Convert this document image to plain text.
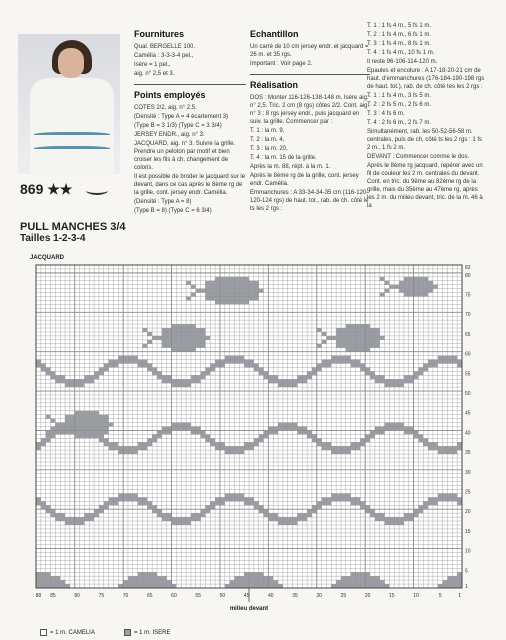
869 ★★
PULL MANCHES 3/4
Tailles 1-2-3-4
Fournitures

Qual. BERGELLE 100.

Camélia : 3-3-3-4 pel.,

Isère = 1 pel.,

aig. n° 2,5 et 3.

Points employés

COTES 2/2, aig. n° 2,5.

(Densité : Type A = 4 écartement 3)

(Type B = 3 1/3) (Type C = 3 3/4)

JERSEY ENDR., aig. n° 3.

JACQUARD, aig. n° 3. Suivre la grille. Prendre un peloton par motif et bien croiser les fils à ch. changement de coloris.

Il est possible de broder le jacquard sur le devant, dans ce cas après le 8ème rg de la grille, cont. jersey endr. Camélia.

(Densité : Type A = 8)

(Type B = 8) (Type C = 6 3/4)

Echantillon

Un carré de 10 cm jersey endr. et jacquard = 26 m. et 35 rgs.

Important : Voir page 2.

Réalisation

DOS : Monter 116-126-138-148 m. Isère aig. n° 2,5. Tric. 2 cm (8 rgs) côtes 2/2. Cont. aig. n° 3 : 8 rgs jersey endr., puis jacquard en suiv. la grille. Commencer par :

T. 1 : la m. 9,

T. 2 : la m. 4,

T. 3 : la m. 20,

T. 4 : la m. 15 de la grille.

Après la m. 88, répt. à la m. 1.

Après le 8ème rg de la grille, cont. jersey endr. Camélia.

Emmanchures : A 33-34-34-35 cm (116-120-120-124 rgs) de haut. tot., rab. de ch. côté le ts les 2 rgs :

T. 1 : 1 fs 4 m., 5 fs 1 m.

T. 2 : 1 fs 4 m., 6 fs 1 m.

T. 3 : 1 fs 4 m., 8 fs 1 m.

T. 4 : 1 fs 4 m., 10 fs 1 m.

Il reste 96-106-114-120 m.

Epaules et encolure : A 17-18-20-21 cm de haut. d'emmanchures (176-184-190-198 rgs de haut. tot.), rab. de ch. côté tes les 2 rgs :

T. 1 : 1 fs 4 m., 3 fs 5 m.

T. 2 : 2 fs 5 m., 2 fs 6 m.

T. 3 : 4 fs 6 m.

T. 4 : 2 fs 6 m., 2 fs 7 m.

Simultanément, rab. les 50-52-56-58 m. centrales, puis de ch. côté ts les 2 rgs : 1 fs 2 m., 1 fs 2 m.

DEVANT : Commencer comme le dos.

Après le 8ème rg jacquard, repérer avec un fil de couleur les 2 m. centrales du devant. Cont. en tric. du 9ème au 82ème rg de la grille, mais du 35ème au 47ème rg, après les 2 m. du milieu devant, tric. de la m. 46 à la

JACQUARD
88 85	80	75	70	65	60	55	50	45	40	35	30	25	20	15	10	5	1
1
5
10
15
20
25
30
35
40
45
50
55
60
65
70
75
80
82
milieu devant
= 1 m. CAMELIA	= 1 m. ISERE
